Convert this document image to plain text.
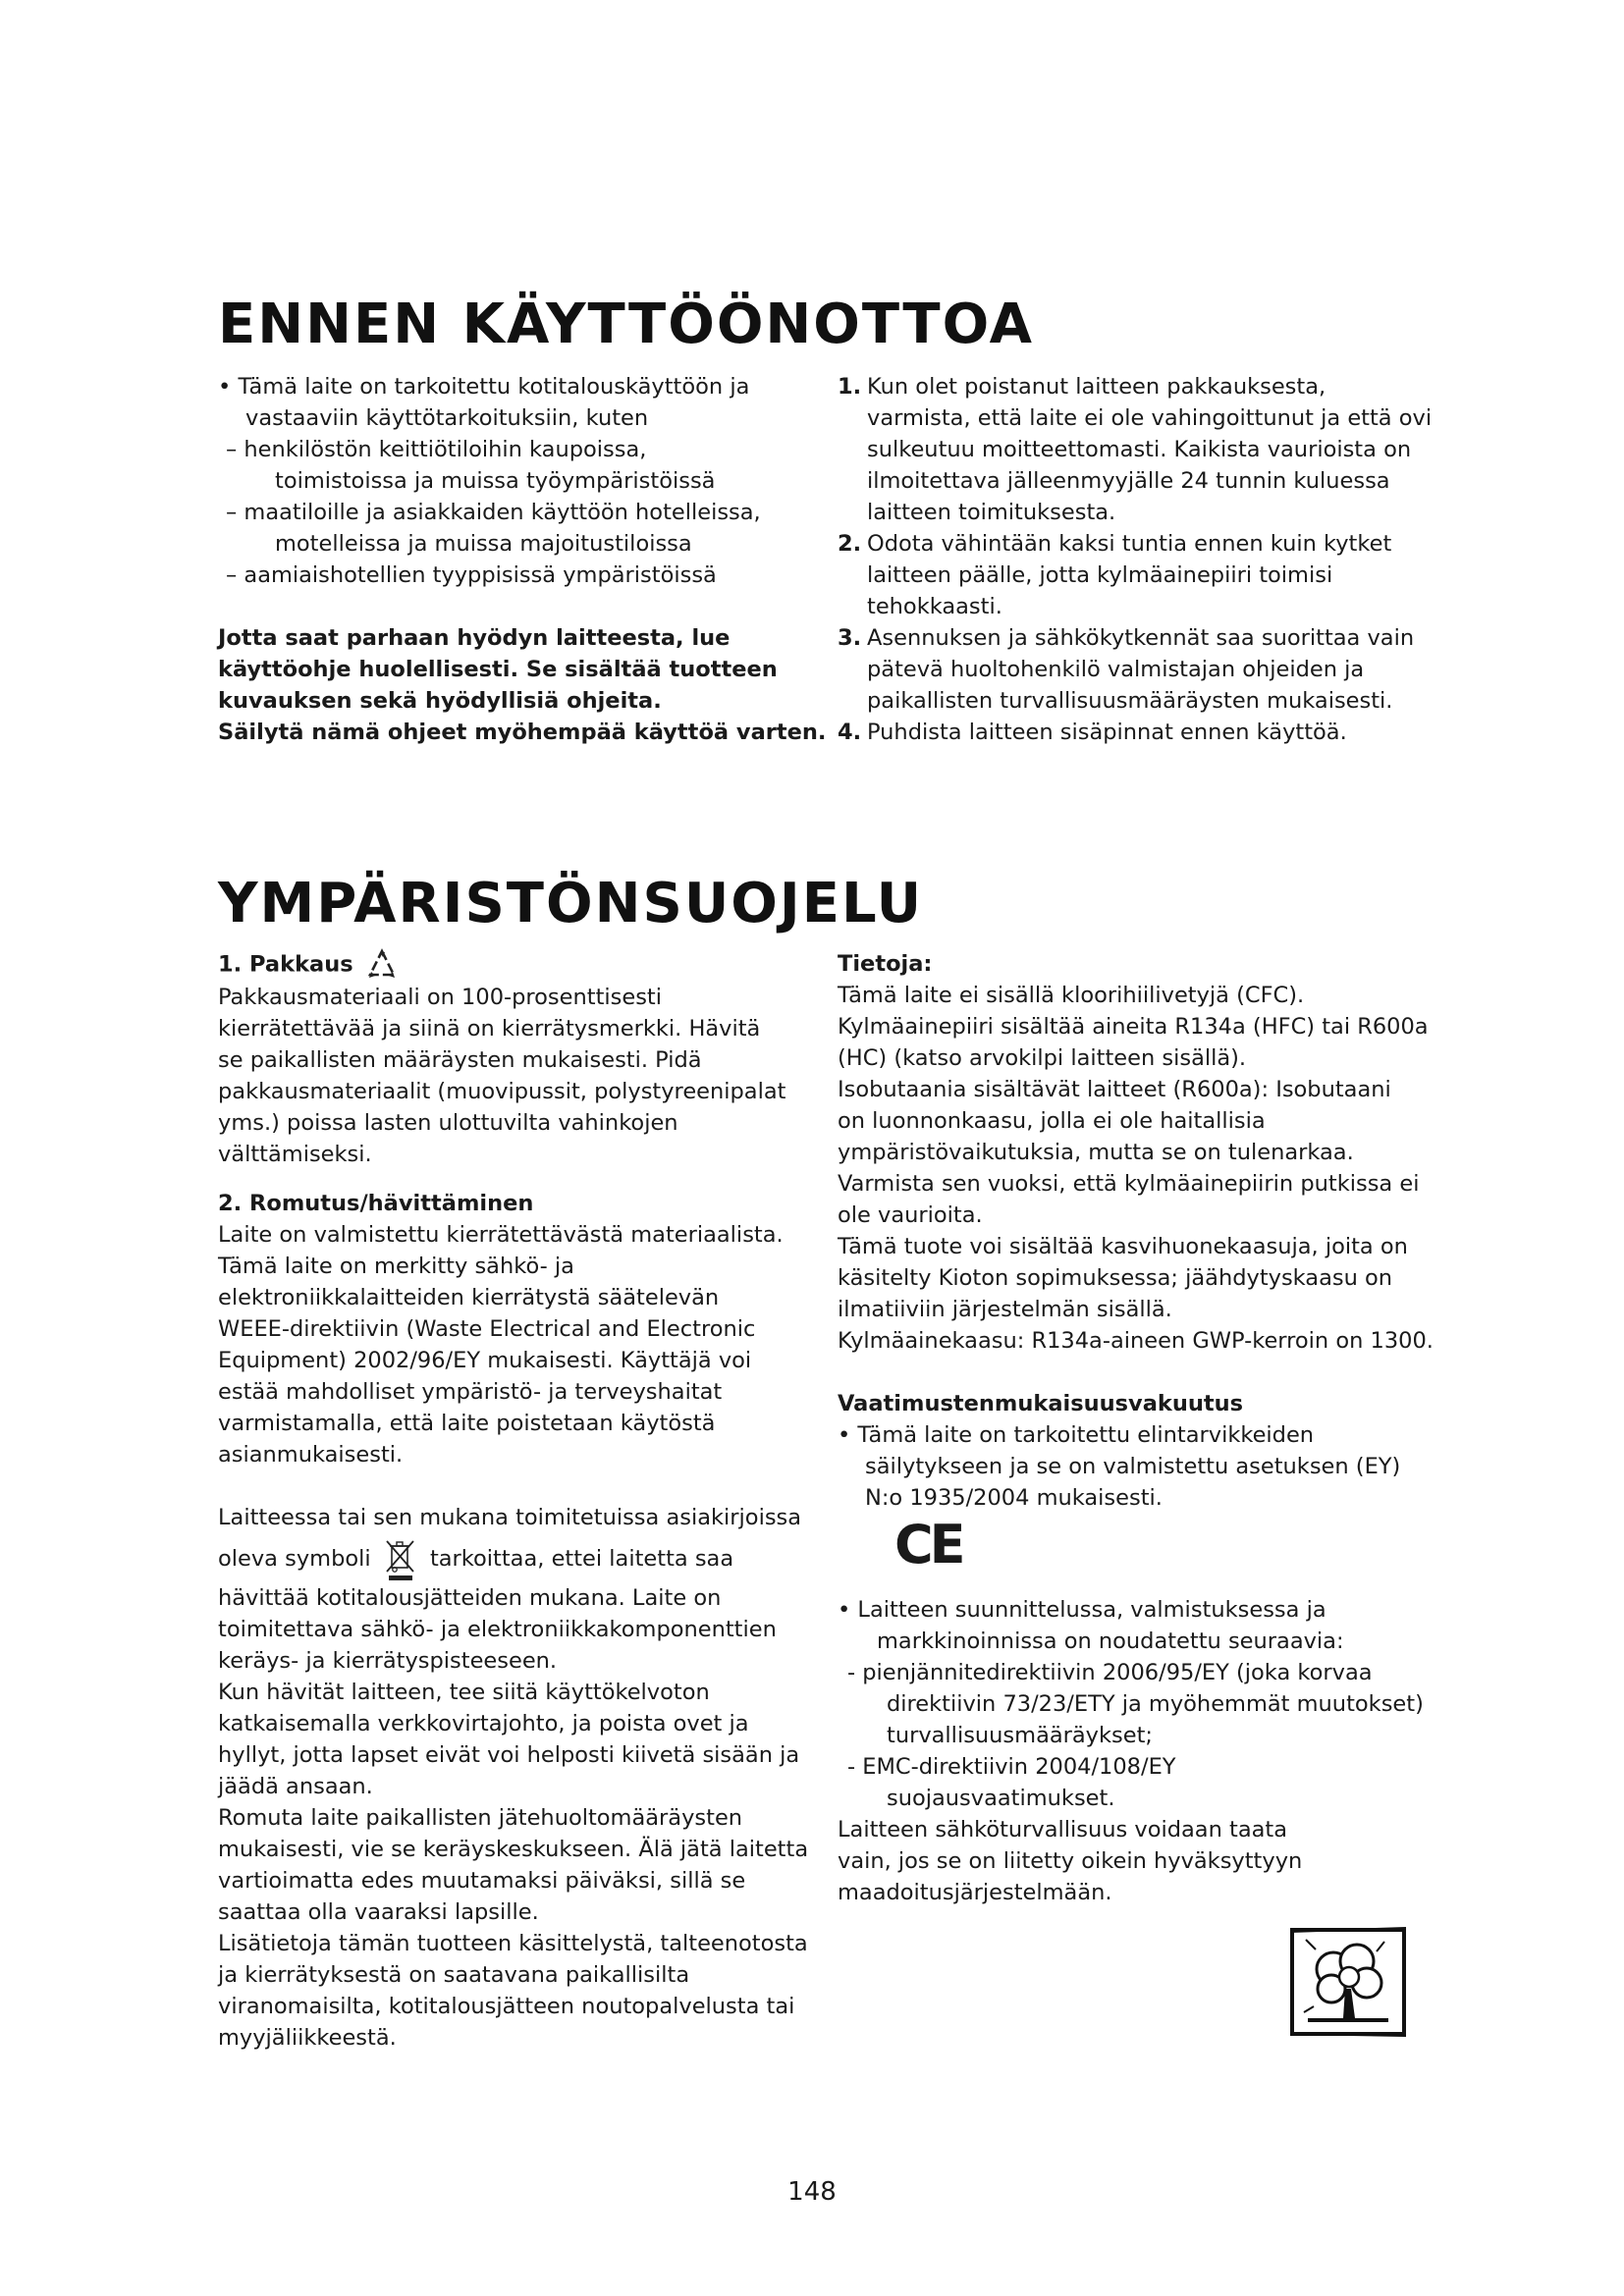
ENNEN KÄYTTÖÖNOTTOA
• Tämä laite on tarkoitettu kotitalouskäyttöön ja
vastaaviin käyttötarkoituksiin, kuten
– henkilöstön keittiötiloihin kaupoissa,
toimistoissa ja muissa työympäristöissä
– maatiloille ja asiakkaiden käyttöön hotelleissa,
motelleissa ja muissa majoitustiloissa
– aamiaishotellien tyyppisissä ympäristöissä
Jotta saat parhaan hyödyn laitteesta, lue
käyttöohje huolellisesti. Se sisältää tuotteen
kuvauksen sekä hyödyllisiä ohjeita.
Säilytä nämä ohjeet myöhempää käyttöä varten.
1. Kun olet poistanut laitteen pakkauksesta,
varmista, että laite ei ole vahingoittunut ja että ovi
sulkeutuu moitteettomasti. Kaikista vaurioista on
ilmoitettava jälleenmyyjälle 24 tunnin kuluessa
laitteen toimituksesta.
2. Odota vähintään kaksi tuntia ennen kuin kytket
laitteen päälle, jotta kylmäainepiiri toimisi
tehokkaasti.
3. Asennuksen ja sähkökytkennät saa suorittaa vain
pätevä huoltohenkilö valmistajan ohjeiden ja
paikallisten turvallisuusmääräysten mukaisesti.
4. Puhdista laitteen sisäpinnat ennen käyttöä.
YMPÄRISTÖNSUOJELU
1. Pakkaus
Pakkausmateriaali on 100-prosenttisesti
kierrätettävää ja siinä on kierrätysmerkki. Hävitä
se paikallisten määräysten mukaisesti. Pidä
pakkausmateriaalit (muovipussit, polystyreenipalat
yms.) poissa lasten ulottuvilta vahinkojen
välttämiseksi.
2. Romutus/hävittäminen
Laite on valmistettu kierrätettävästä materiaalista.
Tämä laite on merkitty sähkö- ja
elektroniikkalaitteiden kierrätystä säätelevän
WEEE-direktiivin (Waste Electrical and Electronic
Equipment) 2002/96/EY mukaisesti. Käyttäjä voi
estää mahdolliset ympäristö- ja terveyshaitat
varmistamalla, että laite poistetaan käytöstä
asianmukaisesti.
Laitteessa tai sen mukana toimitetuissa asiakirjoissa
oleva symboli	tarkoittaa, ettei laitetta saa
hävittää kotitalousjätteiden mukana. Laite on
toimitettava sähkö- ja elektroniikkakomponenttien
keräys- ja kierrätyspisteeseen.
Kun hävität laitteen, tee siitä käyttökelvoton
katkaisemalla verkkovirtajohto, ja poista ovet ja
hyllyt, jotta lapset eivät voi helposti kiivetä sisään ja
jäädä ansaan.
Romuta laite paikallisten jätehuoltomääräysten
mukaisesti, vie se keräyskeskukseen. Älä jätä laitetta
vartioimatta edes muutamaksi päiväksi, sillä se
saattaa olla vaaraksi lapsille.
Lisätietoja tämän tuotteen käsittelystä, talteenotosta
ja kierrätyksestä on saatavana paikallisilta
viranomaisilta, kotitalousjätteen noutopalvelusta tai
myyjäliikkeestä.
Tietoja:
Tämä laite ei sisällä kloorihiilivetyjä (CFC).
Kylmäainepiiri sisältää aineita R134a (HFC) tai R600a
(HC) (katso arvokilpi laitteen sisällä).
Isobutaania sisältävät laitteet (R600a): Isobutaani
on luonnonkaasu, jolla ei ole haitallisia
ympäristövaikutuksia, mutta se on tulenarkaa.
Varmista sen vuoksi, että kylmäainepiirin putkissa ei
ole vaurioita.
Tämä tuote voi sisältää kasvihuonekaasuja, joita on
käsitelty Kioton sopimuksessa; jäähdytyskaasu on
ilmatiiviin järjestelmän sisällä.
Kylmäainekaasu: R134a-aineen GWP-kerroin on 1300.
Vaatimustenmukaisuusvakuutus
• Tämä laite on tarkoitettu elintarvikkeiden
säilytykseen ja se on valmistettu asetuksen (EY)
N:o 1935/2004 mukaisesti.
CE
• Laitteen suunnittelussa, valmistuksessa ja
markkinoinnissa on noudatettu seuraavia:
- pienjännitedirektiivin 2006/95/EY (joka korvaa
direktiivin 73/23/ETY ja myöhemmät muutokset)
turvallisuusmääräykset;
- EMC-direktiivin 2004/108/EY
suojausvaatimukset.
Laitteen sähköturvallisuus voidaan taata
vain, jos se on liitetty oikein hyväksyttyyn
maadoitusjärjestelmään.
148
